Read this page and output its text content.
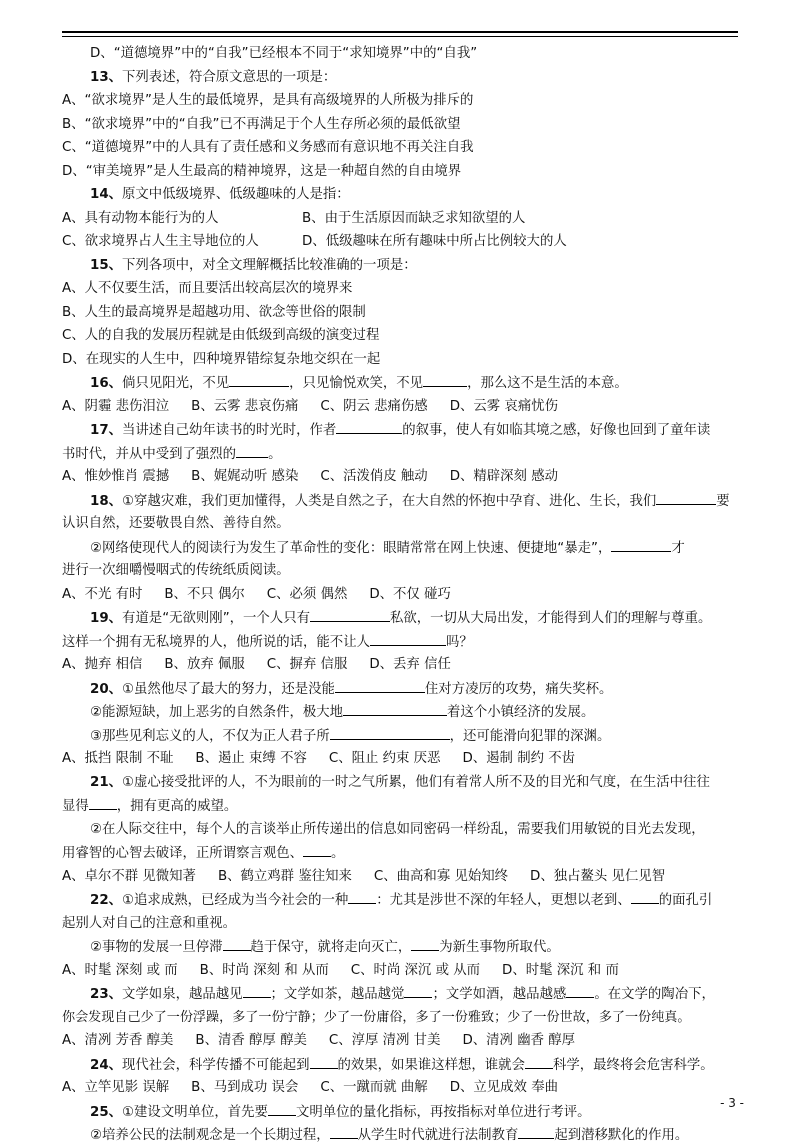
D、“道德境界”中的“自我”已经根本不同于“求知境界”中的“自我”
13、下列表述，符合原文意思的一项是：
A、“欲求境界”是人生的最低境界，是具有高级境界的人所极为排斥的
B、“欲求境界”中的“自我”已不再满足于个人生存所必须的最低欲望
C、“道德境界”中的人具有了责任感和义务感而有意识地不再关注自我
D、“审美境界”是人生最高的精神境界，这是一种超自然的自由境界
14、原文中低级境界、低级趣味的人是指：
A、具有动物本能行为的人	B、由于生活原因而缺乏求知欲望的人
C、欲求境界占人生主导地位的人	D、低级趣味在所有趣味中所占比例较大的人
15、下列各项中，对全文理解概括比较准确的一项是：
A、人不仅要生活，而且要活出较高层次的境界来
B、人生的最高境界是超越功用、欲念等世俗的限制
C、人的自我的发展历程就是由低级到高级的演变过程
D、在现实的人生中，四种境界错综复杂地交织在一起
16、倘只见阳光，不见	，只见愉悦欢笑，不见	，那么这不是生活的本意。
A、阴霾 悲伤泪泣 B、云雾 悲哀伤痛 C、阴云 悲痛伤感 D、云雾 哀痛忧伤
17、当讲述自己幼年读书的时光时，作者	的叙事，使人有如临其境之感，好像也回到了童年读
书时代，并从中受到了强烈的 。
A、惟妙惟肖 震撼 B、娓娓动听 感染 C、活泼俏皮 触动 D、精辟深刻 感动
18、①穿越灾难，我们更加懂得，人类是自然之子，在大自然的怀抱中孕育、进化、生长，我们	要
认识自然，还要敬畏自然、善待自然。
②网络使现代人的阅读行为发生了革命性的变化：眼睛常常在网上快速、便捷地“暴走”，	才
进行一次细嚼慢咽式的传统纸质阅读。
A、不光 有时 B、不只 偶尔 C、必须 偶然 D、不仅 碰巧
19、有道是“无欲则刚”，一个人只有	私欲，一切从大局出发，才能得到人们的理解与尊重。
这样一个拥有无私境界的人，他所说的话，能不让人	吗？
A、抛弃 相信 B、放弃 佩服 C、摒弃 信服 D、丢弃 信任
20、①虽然他尽了最大的努力，还是没能	住对方凌厉的攻势，痛失奖杯。
②能源短缺，加上恶劣的自然条件，极大地	着这个小镇经济的发展。
③那些见利忘义的人，不仅为正人君子所	，还可能滑向犯罪的深渊。
A、抵挡 限制 不耻 B、遏止 束缚 不容 C、阻止 约束 厌恶 D、遏制 制约 不齿
21、①虚心接受批评的人，不为眼前的一时之气所累，他们有着常人所不及的目光和气度，在生活中往往
显得 ，拥有更高的威望。
②在人际交往中，每个人的言谈举止所传递出的信息如同密码一样纷乱，需要我们用敏锐的目光去发现，
用睿智的心智去破译，正所谓察言观色、 。
A、卓尔不群 见微知著 B、鹤立鸡群 鉴往知来 C、曲高和寡 见始知终 D、独占鳌头 见仁见智
22、①追求成熟，已经成为当今社会的一种 ：尤其是涉世不深的年轻人，更想以老到、 的面孔引
起别人对自己的注意和重视。
②事物的发展一旦停滞 趋于保守，就将走向灭亡， 为新生事物所取代。
A、时髦 深刻 或 而 B、时尚 深刻 和 从而 C、时尚 深沉 或 从而 D、时髦 深沉 和 而
23、文学如泉，越品越见 ；文学如茶，越品越觉 ；文学如酒，越品越感 。在文学的陶冶下，
你会发现自己少了一份浮躁，多了一份宁静；少了一份庸俗，多了一份雅致；少了一份世故，多了一份纯真。
A、清冽 芳香 醇美 B、清香 醇厚 醇美 C、淳厚 清冽 甘美 D、清冽 幽香 醇厚
24、现代社会，科学传播不可能起到 的效果，如果谁这样想，谁就会 科学，最终将会危害科学。
A、立竿见影 误解 B、马到成功 误会 C、一蹴而就 曲解 D、立见成效 奉曲
25、①建设文明单位，首先要 文明单位的量化指标，再按指标对单位进行考评。
②培养公民的法制观念是一个长期过程， 从学生时代就进行法制教育	起到潜移默化的作用。
- 3 -
